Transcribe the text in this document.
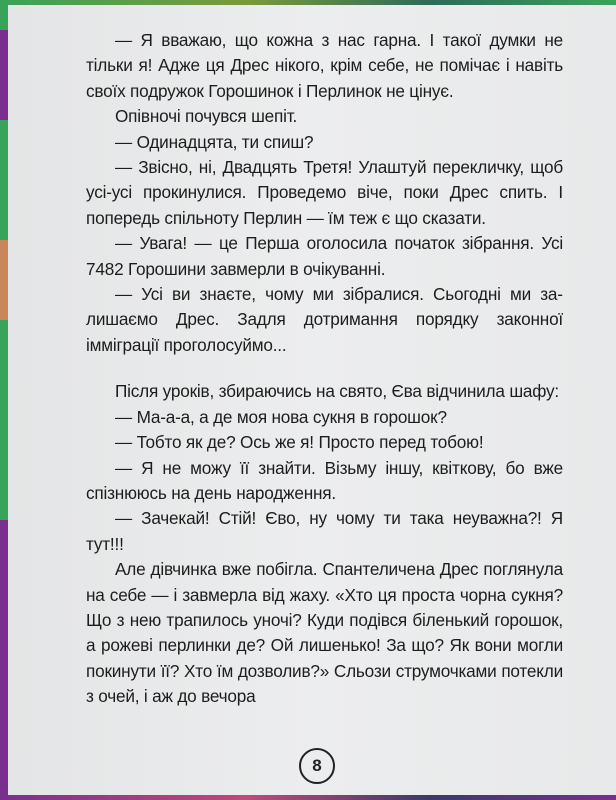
— Я вважаю, що кожна з нас гарна. І такої думки не тільки я! Адже ця Дрес нікого, крім себе, не помічає і навіть своїх подружок Горошинок і Перлинок не цінує.

Опівночі почувся шепіт.

— Одинадцята, ти спиш?

— Звісно, ні, Двадцять Третя! Улаштуй перекличку, щоб усі-усі прокинулися. Проведемо віче, поки Дрес спить. І попередь спільноту Перлин — їм теж є що сказати.

— Увага! — це Перша оголосила початок зібрання. Усі 7482 Горошини завмерли в очікуванні.

— Усі ви знаєте, чому ми зібралися. Сьогодні ми залишаємо Дрес. Задля дотримання порядку законної імміграції проголосуймо...

Після уроків, збираючись на свято, Єва відчинила шафу:

— Ма-а-а, а де моя нова сукня в горошок?

— Тобто як де? Ось же я! Просто перед тобою!

— Я не можу її знайти. Візьму іншу, квіткову, бо вже спізнююсь на день народження.

— Зачекай! Стій! Єво, ну чому ти така неуважна?! Я тут!!!

Але дівчинка вже побігла. Спантеличена Дрес поглянула на себе — і завмерла від жаху. «Хто ця проста чорна сукня? Що з нею трапилось уночі? Куди подівся біленький горошок, а рожеві перлинки де? Ой лишенько! За що? Як вони могли покинути її? Хто їм дозволив?» Сльози струмочками потекли з очей, і аж до вечора

8
